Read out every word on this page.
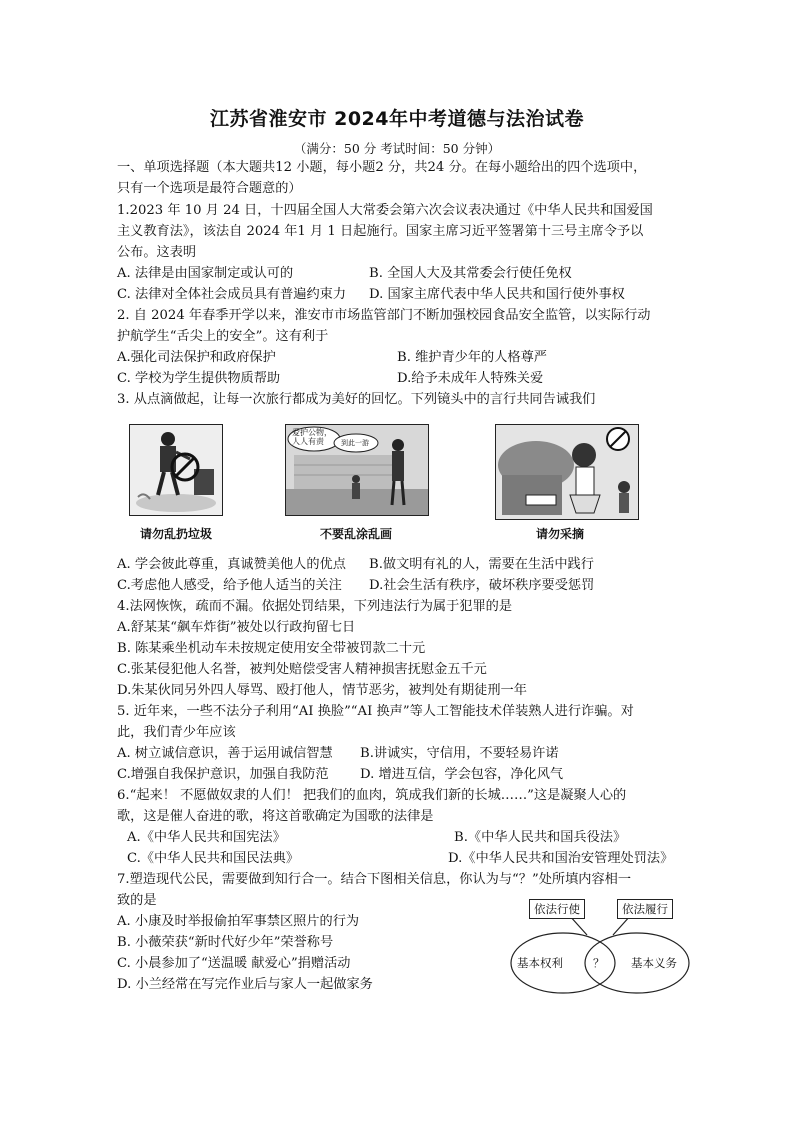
江苏省淮安市 2024年中考道德与法治试卷
（满分：50 分 考试时间：50 分钟）
一、单项选择题（本大题共12 小题，每小题2 分，共24 分。在每小题给出的四个选项中，
只有一个选项是最符合题意的）
1.2023 年 10 月 24 日，十四届全国人大常委会第六次会议表决通过《中华人民共和国爱国
主义教育法》，该法自 2024 年1 月 1 日起施行。国家主席习近平签署第十三号主席令予以
公布。这表明
A. 法律是由国家制定或认可的	B. 全国人大及其常委会行使任免权
C. 法律对全体社会成员具有普遍约束力 D. 国家主席代表中华人民共和国行使外事权
2. 自 2024 年春季开学以来，淮安市市场监管部门不断加强校园食品安全监管，以实际行动
护航学生“舌尖上的安全”。这有利于
A.强化司法保护和政府保护	B. 维护青少年的人格尊严
C. 学校为学生提供物质帮助	D.给予未成年人特殊关爱
3. 从点滴做起，让每一次旅行都成为美好的回忆。下列镜头中的言行共同告诫我们
爱护公物，人人有责	到此一游
请勿乱扔垃圾	不要乱涂乱画	请勿采摘
A. 学会彼此尊重，真诚赞美他人的优点 B.做文明有礼的人，需要在生活中践行
C.考虑他人感受，给予他人适当的关注 D.社会生活有秩序，破坏秩序要受惩罚
4.法网恢恢，疏而不漏。依据处罚结果，下列违法行为属于犯罪的是
A.舒某某“飙车炸街”被处以行政拘留七日
B. 陈某乘坐机动车未按规定使用安全带被罚款二十元
C.张某侵犯他人名誉，被判处赔偿受害人精神损害抚慰金五千元
D.朱某伙同另外四人辱骂、殴打他人，情节恶劣，被判处有期徒刑一年
5. 近年来，一些不法分子利用“AI 换脸”“AI 换声”等人工智能技术佯装熟人进行诈骗。对
此，我们青少年应该
A. 树立诚信意识，善于运用诚信智慧 B.讲诚实，守信用，不要轻易许诺
C.增强自我保护意识，加强自我防范 D. 增进互信，学会包容，净化风气
6.“起来！ 不愿做奴隶的人们！ 把我们的血肉，筑成我们新的长城……”这是凝聚人心的
歌，这是催人奋进的歌，将这首歌确定为国歌的法律是
A.《中华人民共和国宪法》	B.《中华人民共和国兵役法》
C.《中华人民共和国民法典》	D.《中华人民共和国治安管理处罚法》
7.塑造现代公民，需要做到知行合一。结合下图相关信息，你认为与“？”处所填内容相一
致的是
A. 小康及时举报偷拍军事禁区照片的行为
B. 小薇荣获“新时代好少年”荣誉称号
C. 小晨参加了“送温暖 献爱心”捐赠活动
D. 小兰经常在写完作业后与家人一起做家务
依法行使	依法履行
基本权利	？ 基本义务
